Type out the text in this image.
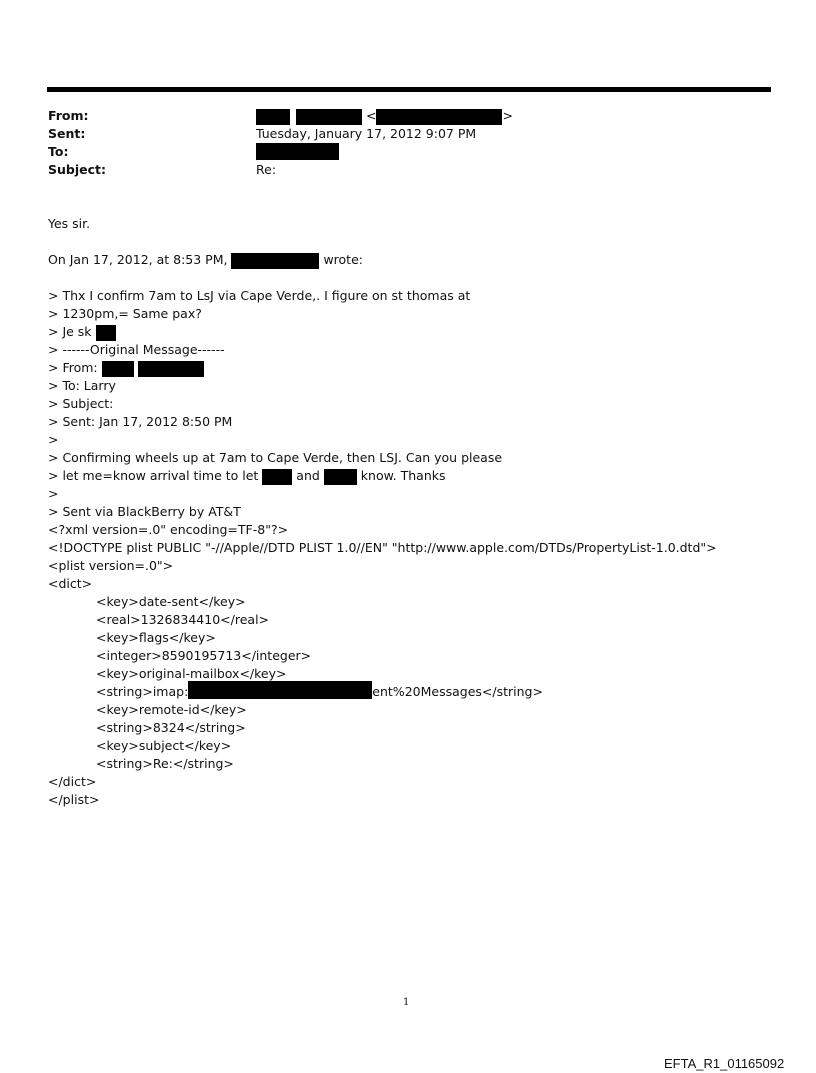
From:	<	>
Sent:	Tuesday, January 17, 2012 9:07 PM
To:
Subject:	Re:
Yes sir.
On Jan 17, 2012, at 8:53 PM,	wrote:
> Thx I confirm 7am to LsJ via Cape Verde,. I figure on st thomas at
> 1230pm,= Same pax?
> Je sk
> ------Original Message------
> From:
> To: Larry
> Subject:
> Sent: Jan 17, 2012 8:50 PM
>
> Confirming wheels up at 7am to Cape Verde, then LSJ. Can you please
> let me=know arrival time to let	and	know. Thanks
>
> Sent via BlackBerry by AT&T
<?xml version=.0" encoding=TF-8"?>
<!DOCTYPE plist PUBLIC "-//Apple//DTD PLIST 1.0//EN" "http://www.apple.com/DTDs/PropertyList-1.0.dtd">
<plist version=.0">
<dict>
<key>date-sent</key>
<real>1326834410</real>
<key>flags</key>
<integer>8590195713</integer>
<key>original-mailbox</key>
<string>imap:	ent%20Messages</string>
<key>remote-id</key>
<string>8324</string>
<key>subject</key>
<string>Re:</string>
</dict>
</plist>
1
EFTA_R1_01165092
